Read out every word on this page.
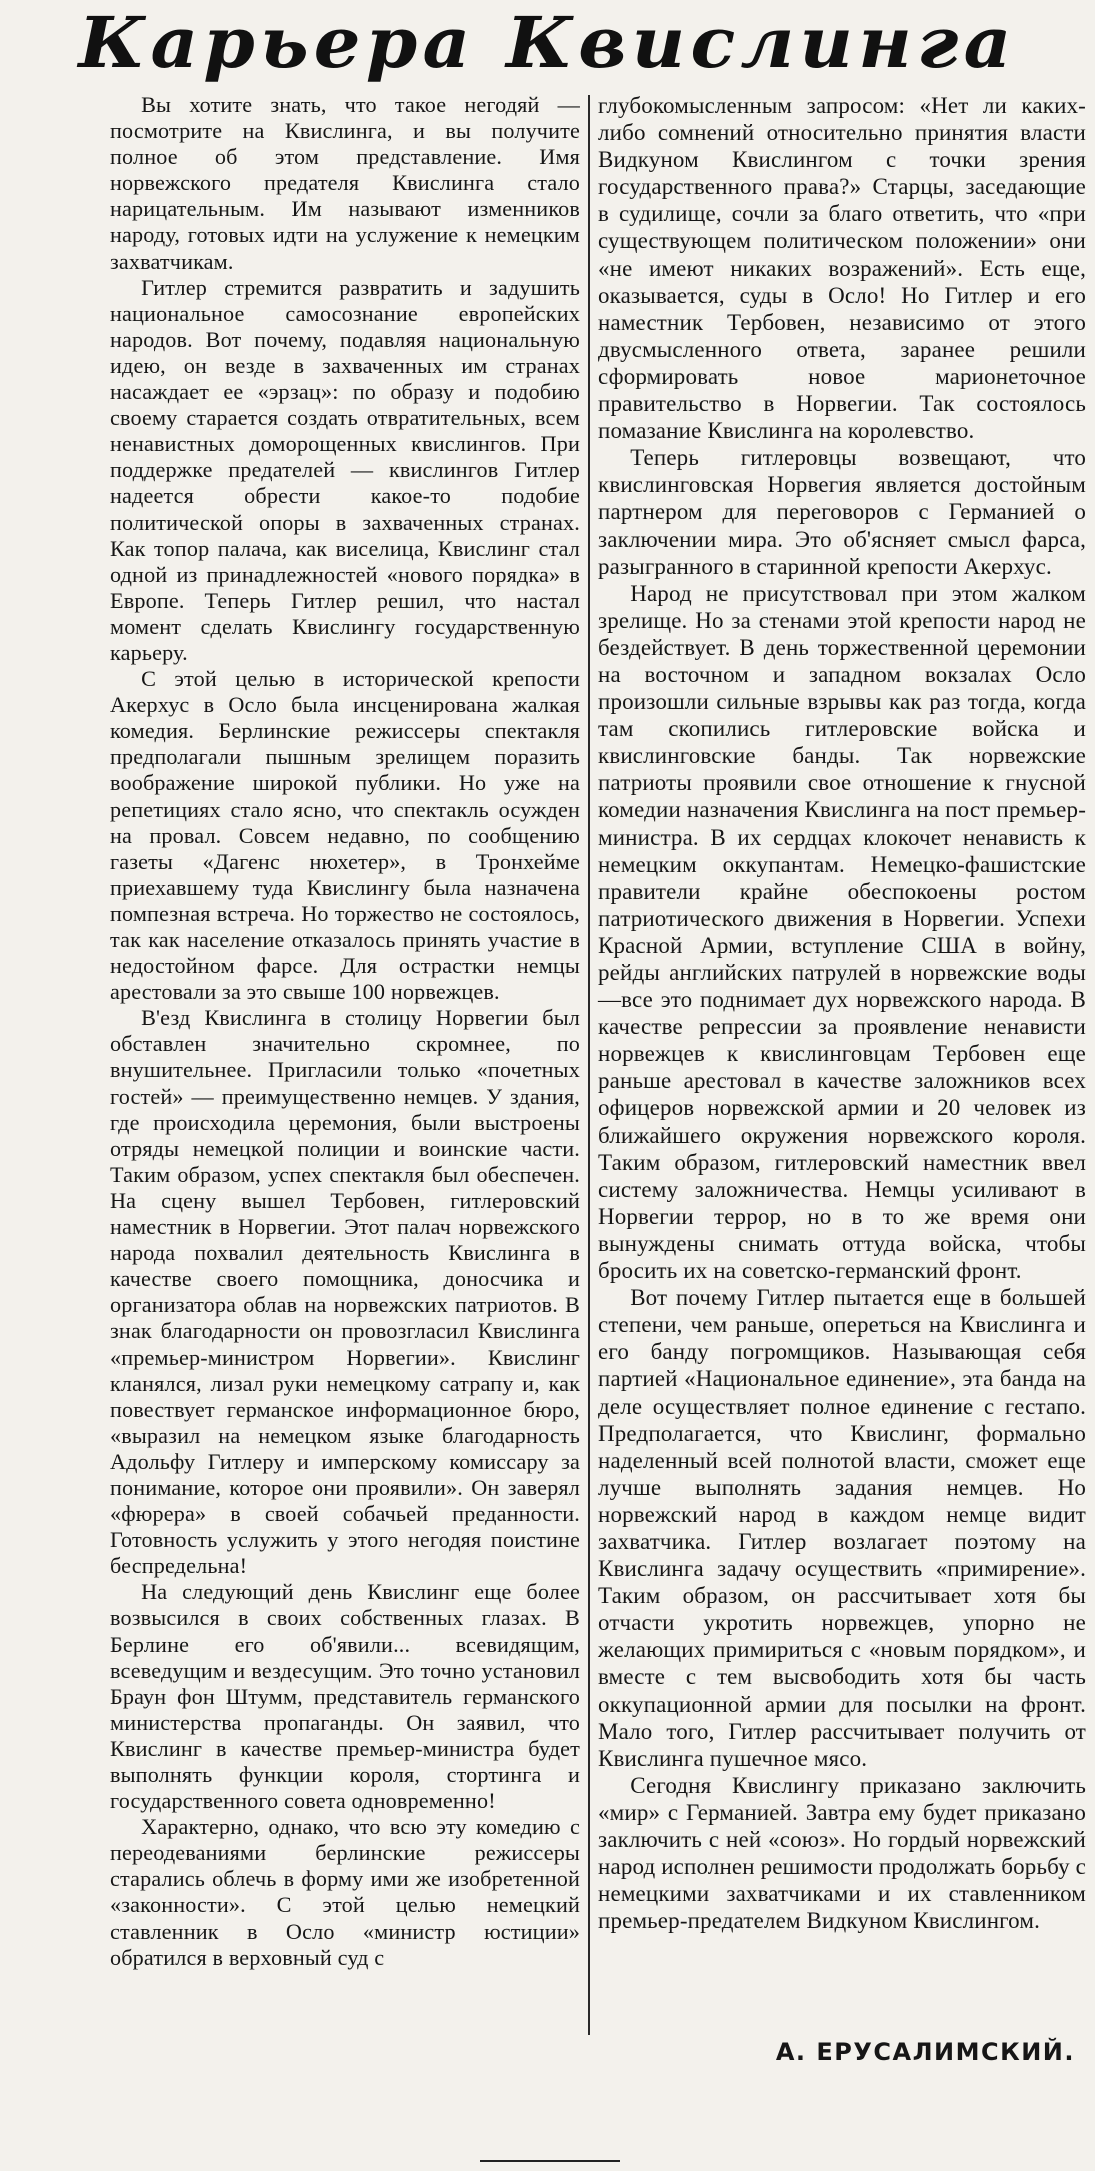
Карьера Квислинга

Вы хотите знать, что такое негодяй — посмотрите на Квислинга, и вы получите полное об этом представление. Имя норвежского предателя Квислинга стало нарицательным. Им называют изменников народу, готовых идти на услужение к немецким захватчикам.

Гитлер стремится развратить и задушить национальное самосознание европейских народов. Вот почему, подавляя национальную идею, он везде в захваченных им странах насаждает ее «эрзац»: по образу и подобию своему старается создать отвратительных, всем ненавистных доморощенных квислингов. При поддержке предателей — квислингов Гитлер надеется обрести какое-то подобие политической опоры в захваченных странах. Как топор палача, как виселица, Квислинг стал одной из принадлежностей «нового порядка» в Европе. Теперь Гитлер решил, что настал момент сделать Квислингу государственную карьеру.

С этой целью в исторической крепости Акерхус в Осло была инсценирована жалкая комедия. Берлинские режиссеры спектакля предполагали пышным зрелищем поразить воображение широкой публики. Но уже на репетициях стало ясно, что спектакль осужден на провал. Совсем недавно, по сообщению газеты «Дагенс нюхетер», в Тронхейме приехавшему туда Квислингу была назначена помпезная встреча. Но торжество не состоялось, так как население отказалось принять участие в недостойном фарсе. Для острастки немцы арестовали за это свыше 100 норвежцев.

В'езд Квислинга в столицу Норвегии был обставлен значительно скромнее, по внушительнее. Пригласили только «почетных гостей» — преимущественно немцев. У здания, где происходила церемония, были выстроены отряды немецкой полиции и воинские части. Таким образом, успех спектакля был обеспечен. На сцену вышел Тербовен, гитлеровский наместник в Норвегии. Этот палач норвежского народа похвалил деятельность Квислинга в качестве своего помощника, доносчика и организатора облав на норвежских патриотов. В знак благодарности он провозгласил Квислинга «премьер-министром Норвегии». Квислинг кланялся, лизал руки немецкому сатрапу и, как повествует германское информационное бюро, «выразил на немецком языке благодарность Адольфу Гитлеру и имперскому комиссару за понимание, которое они проявили». Он заверял «фюрера» в своей собачьей преданности. Готовность услужить у этого негодяя поистине беспредельна!

На следующий день Квислинг еще более возвысился в своих собственных глазах. В Берлине его об'явили... всевидящим, всеведущим и вездесущим. Это точно установил Браун фон Штумм, представитель германского министерства пропаганды. Он заявил, что Квислинг в качестве премьер-министра будет выполнять функции короля, стортинга и государственного совета одновременно!

Характерно, однако, что всю эту комедию с переодеваниями берлинские режиссеры старались облечь в форму ими же изобретенной «законности». С этой целью немецкий ставленник в Осло «министр юстиции» обратился в верховный суд с

глубокомысленным запросом: «Нет ли каких-либо сомнений относительно принятия власти Видкуном Квислингом с точки зрения государственного права?» Старцы, заседающие в судилище, сочли за благо ответить, что «при существующем политическом положении» они «не имеют никаких возражений». Есть еще, оказывается, суды в Осло! Но Гитлер и его наместник Тербовен, независимо от этого двусмысленного ответа, заранее решили сформировать новое марионеточное правительство в Норвегии. Так состоялось помазание Квислинга на королевство.

Теперь гитлеровцы возвещают, что квислинговская Норвегия является достойным партнером для переговоров с Германией о заключении мира. Это об'ясняет смысл фарса, разыгранного в старинной крепости Акерхус.

Народ не присутствовал при этом жалком зрелище. Но за стенами этой крепости народ не бездействует. В день торжественной церемонии на восточном и западном вокзалах Осло произошли сильные взрывы как раз тогда, когда там скопились гитлеровские войска и квислинговские банды. Так норвежские патриоты проявили свое отношение к гнусной комедии назначения Квислинга на пост премьер-министра. В их сердцах клокочет ненависть к немецким оккупантам. Немецко-фашистские правители крайне обеспокоены ростом патриотического движения в Норвегии. Успехи Красной Армии, вступление США в войну, рейды английских патрулей в норвежские воды—все это поднимает дух норвежского народа. В качестве репрессии за проявление ненависти норвежцев к квислинговцам Тербовен еще раньше арестовал в качестве заложников всех офицеров норвежской армии и 20 человек из ближайшего окружения норвежского короля. Таким образом, гитлеровский наместник ввел систему заложничества. Немцы усиливают в Норвегии террор, но в то же время они вынуждены снимать оттуда войска, чтобы бросить их на советско-германский фронт.

Вот почему Гитлер пытается еще в большей степени, чем раньше, опереться на Квислинга и его банду погромщиков. Называющая себя партией «Национальное единение», эта банда на деле осуществляет полное единение с гестапо. Предполагается, что Квислинг, формально наделенный всей полнотой власти, сможет еще лучше выполнять задания немцев. Но норвежский народ в каждом немце видит захватчика. Гитлер возлагает поэтому на Квислинга задачу осуществить «примирение». Таким образом, он рассчитывает хотя бы отчасти укротить норвежцев, упорно не желающих примириться с «новым порядком», и вместе с тем высвободить хотя бы часть оккупационной армии для посылки на фронт. Мало того, Гитлер рассчитывает получить от Квислинга пушечное мясо.

Сегодня Квислингу приказано заключить «мир» с Германией. Завтра ему будет приказано заключить с ней «союз». Но гордый норвежский народ исполнен решимости продолжать борьбу с немецкими захватчиками и их ставленником премьер-предателем Видкуном Квислингом.

А. ЕРУСАЛИМСКИЙ.
